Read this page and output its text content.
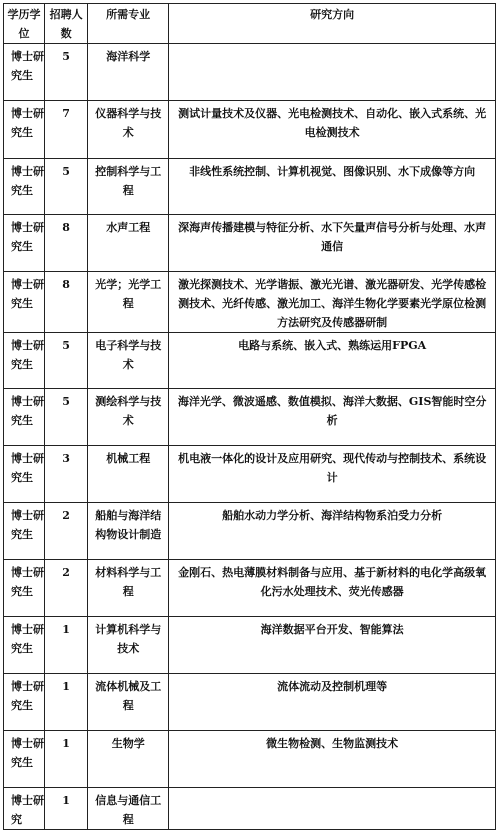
学历学位	招聘人数	所需专业	研究方向
博士研究生	5	海洋科学	
博士研究生	7	仪器科学与技术	测试计量技术及仪器、光电检测技术、自动化、嵌入式系统、光电检测技术
博士研究生	5	控制科学与工程	非线性系统控制、计算机视觉、图像识别、水下成像等方向
博士研究生	8	水声工程	深海声传播建模与特征分析、水下矢量声信号分析与处理、水声通信
博士研究生	8	光学；光学工程	激光探测技术、光学谐振、激光光谱、激光器研发、光学传感检测技术、光纤传感、激光加工、海洋生物化学要素光学原位检测方法研究及传感器研制
博士研究生	5	电子科学与技术	电路与系统、嵌入式、熟练运用FPGA
博士研究生	5	测绘科学与技术	海洋光学、微波遥感、数值模拟、海洋大数据、GIS智能时空分析
博士研究生	3	机械工程	机电液一体化的设计及应用研究、现代传动与控制技术、系统设计
博士研究生	2	船舶与海洋结构物设计制造	船舶水动力学分析、海洋结构物系泊受力分析
博士研究生	2	材料科学与工程	金刚石、热电薄膜材料制备与应用、基于新材料的电化学高级氧化污水处理技术、荧光传感器
博士研究生	1	计算机科学与技术	海洋数据平台开发、智能算法
博士研究生	1	流体机械及工程	流体流动及控制机理等
博士研究生	1	生物学	微生物检测、生物监测技术
博士研究	1	信息与通信工程	
